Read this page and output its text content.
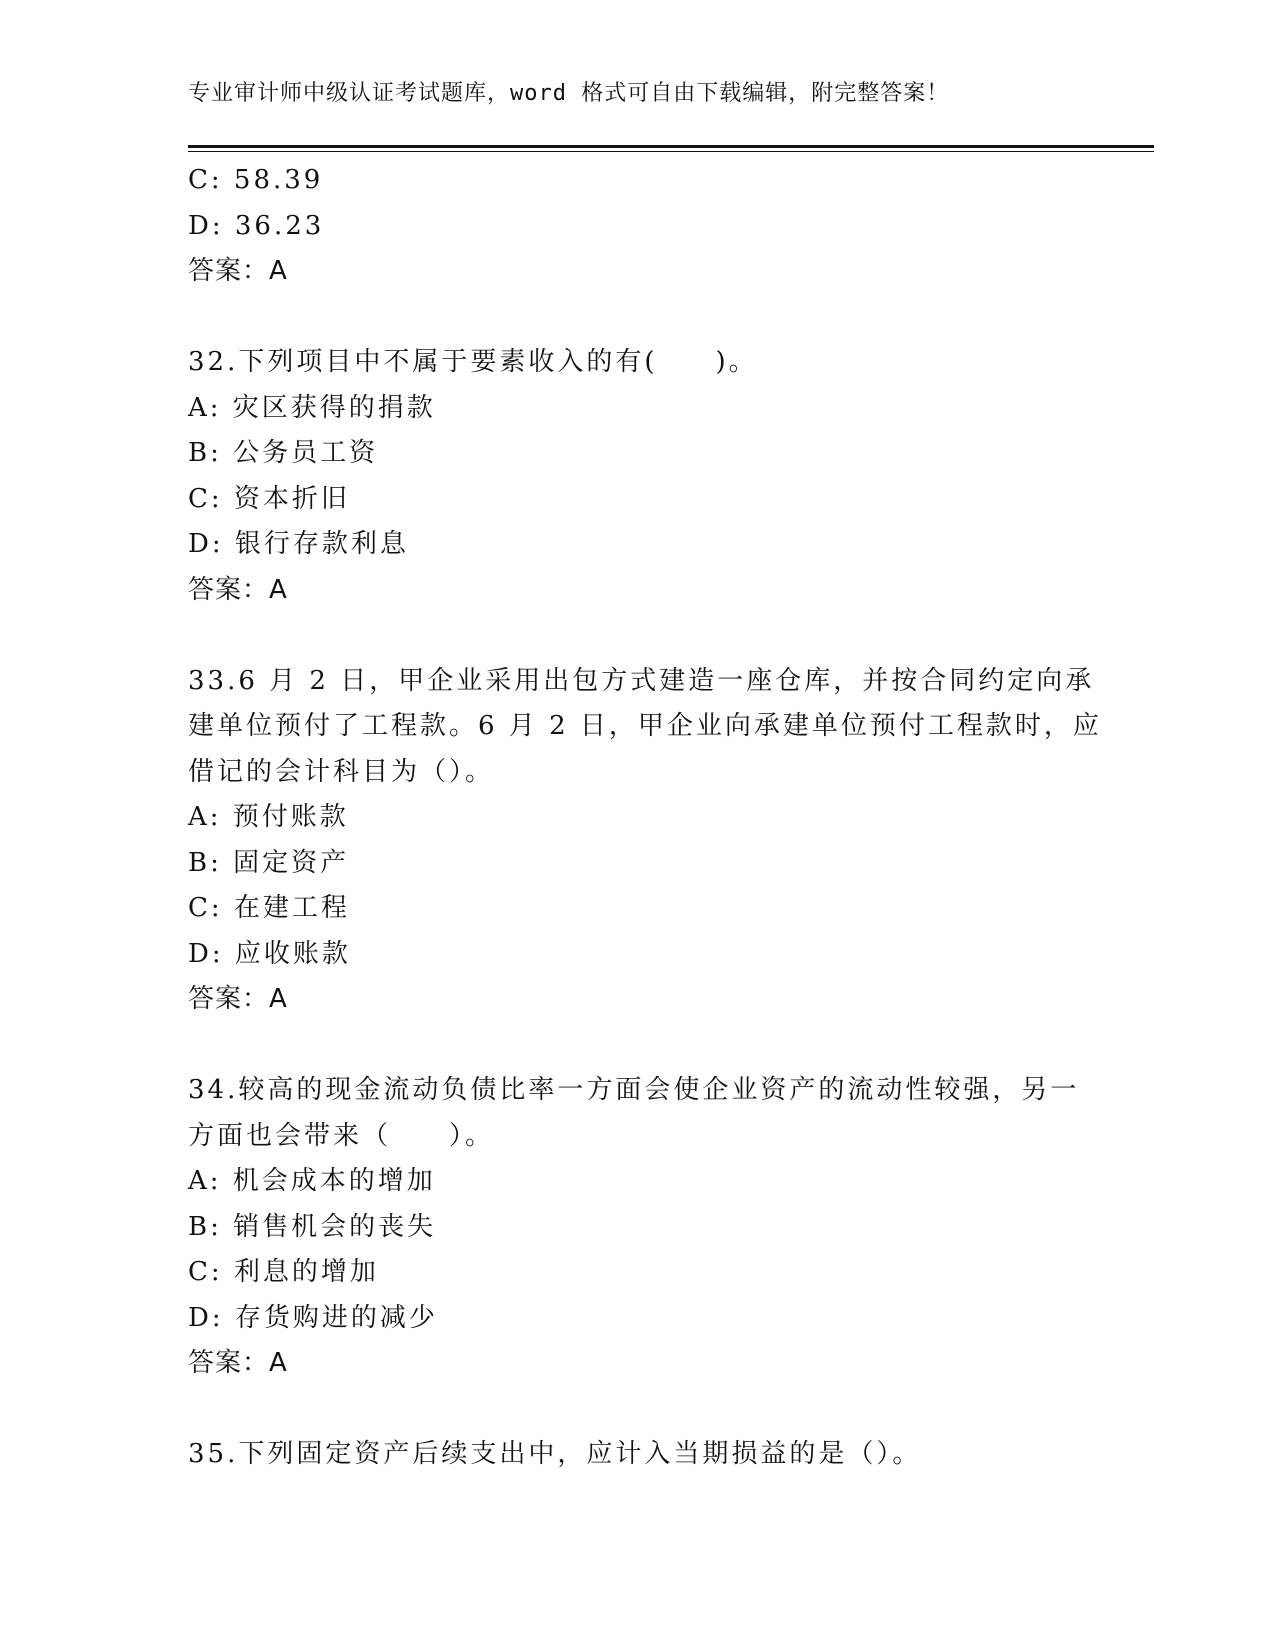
专业审计师中级认证考试题库，word 格式可自由下载编辑，附完整答案！
C: 58.39
D: 36.23
答案：A
32.下列项目中不属于要素收入的有(　　)。
A: 灾区获得的捐款
B: 公务员工资
C: 资本折旧
D: 银行存款利息
答案：A
33.6 月 2 日，甲企业采用出包方式建造一座仓库，并按合同约定向承
建单位预付了工程款。6 月 2 日，甲企业向承建单位预付工程款时，应
借记的会计科目为（）。
A: 预付账款
B: 固定资产
C: 在建工程
D: 应收账款
答案：A
34.较高的现金流动负债比率一方面会使企业资产的流动性较强，另一
方面也会带来（　　）。
A: 机会成本的增加
B: 销售机会的丧失
C: 利息的增加
D: 存货购进的减少
答案：A
35.下列固定资产后续支出中，应计入当期损益的是（）。
